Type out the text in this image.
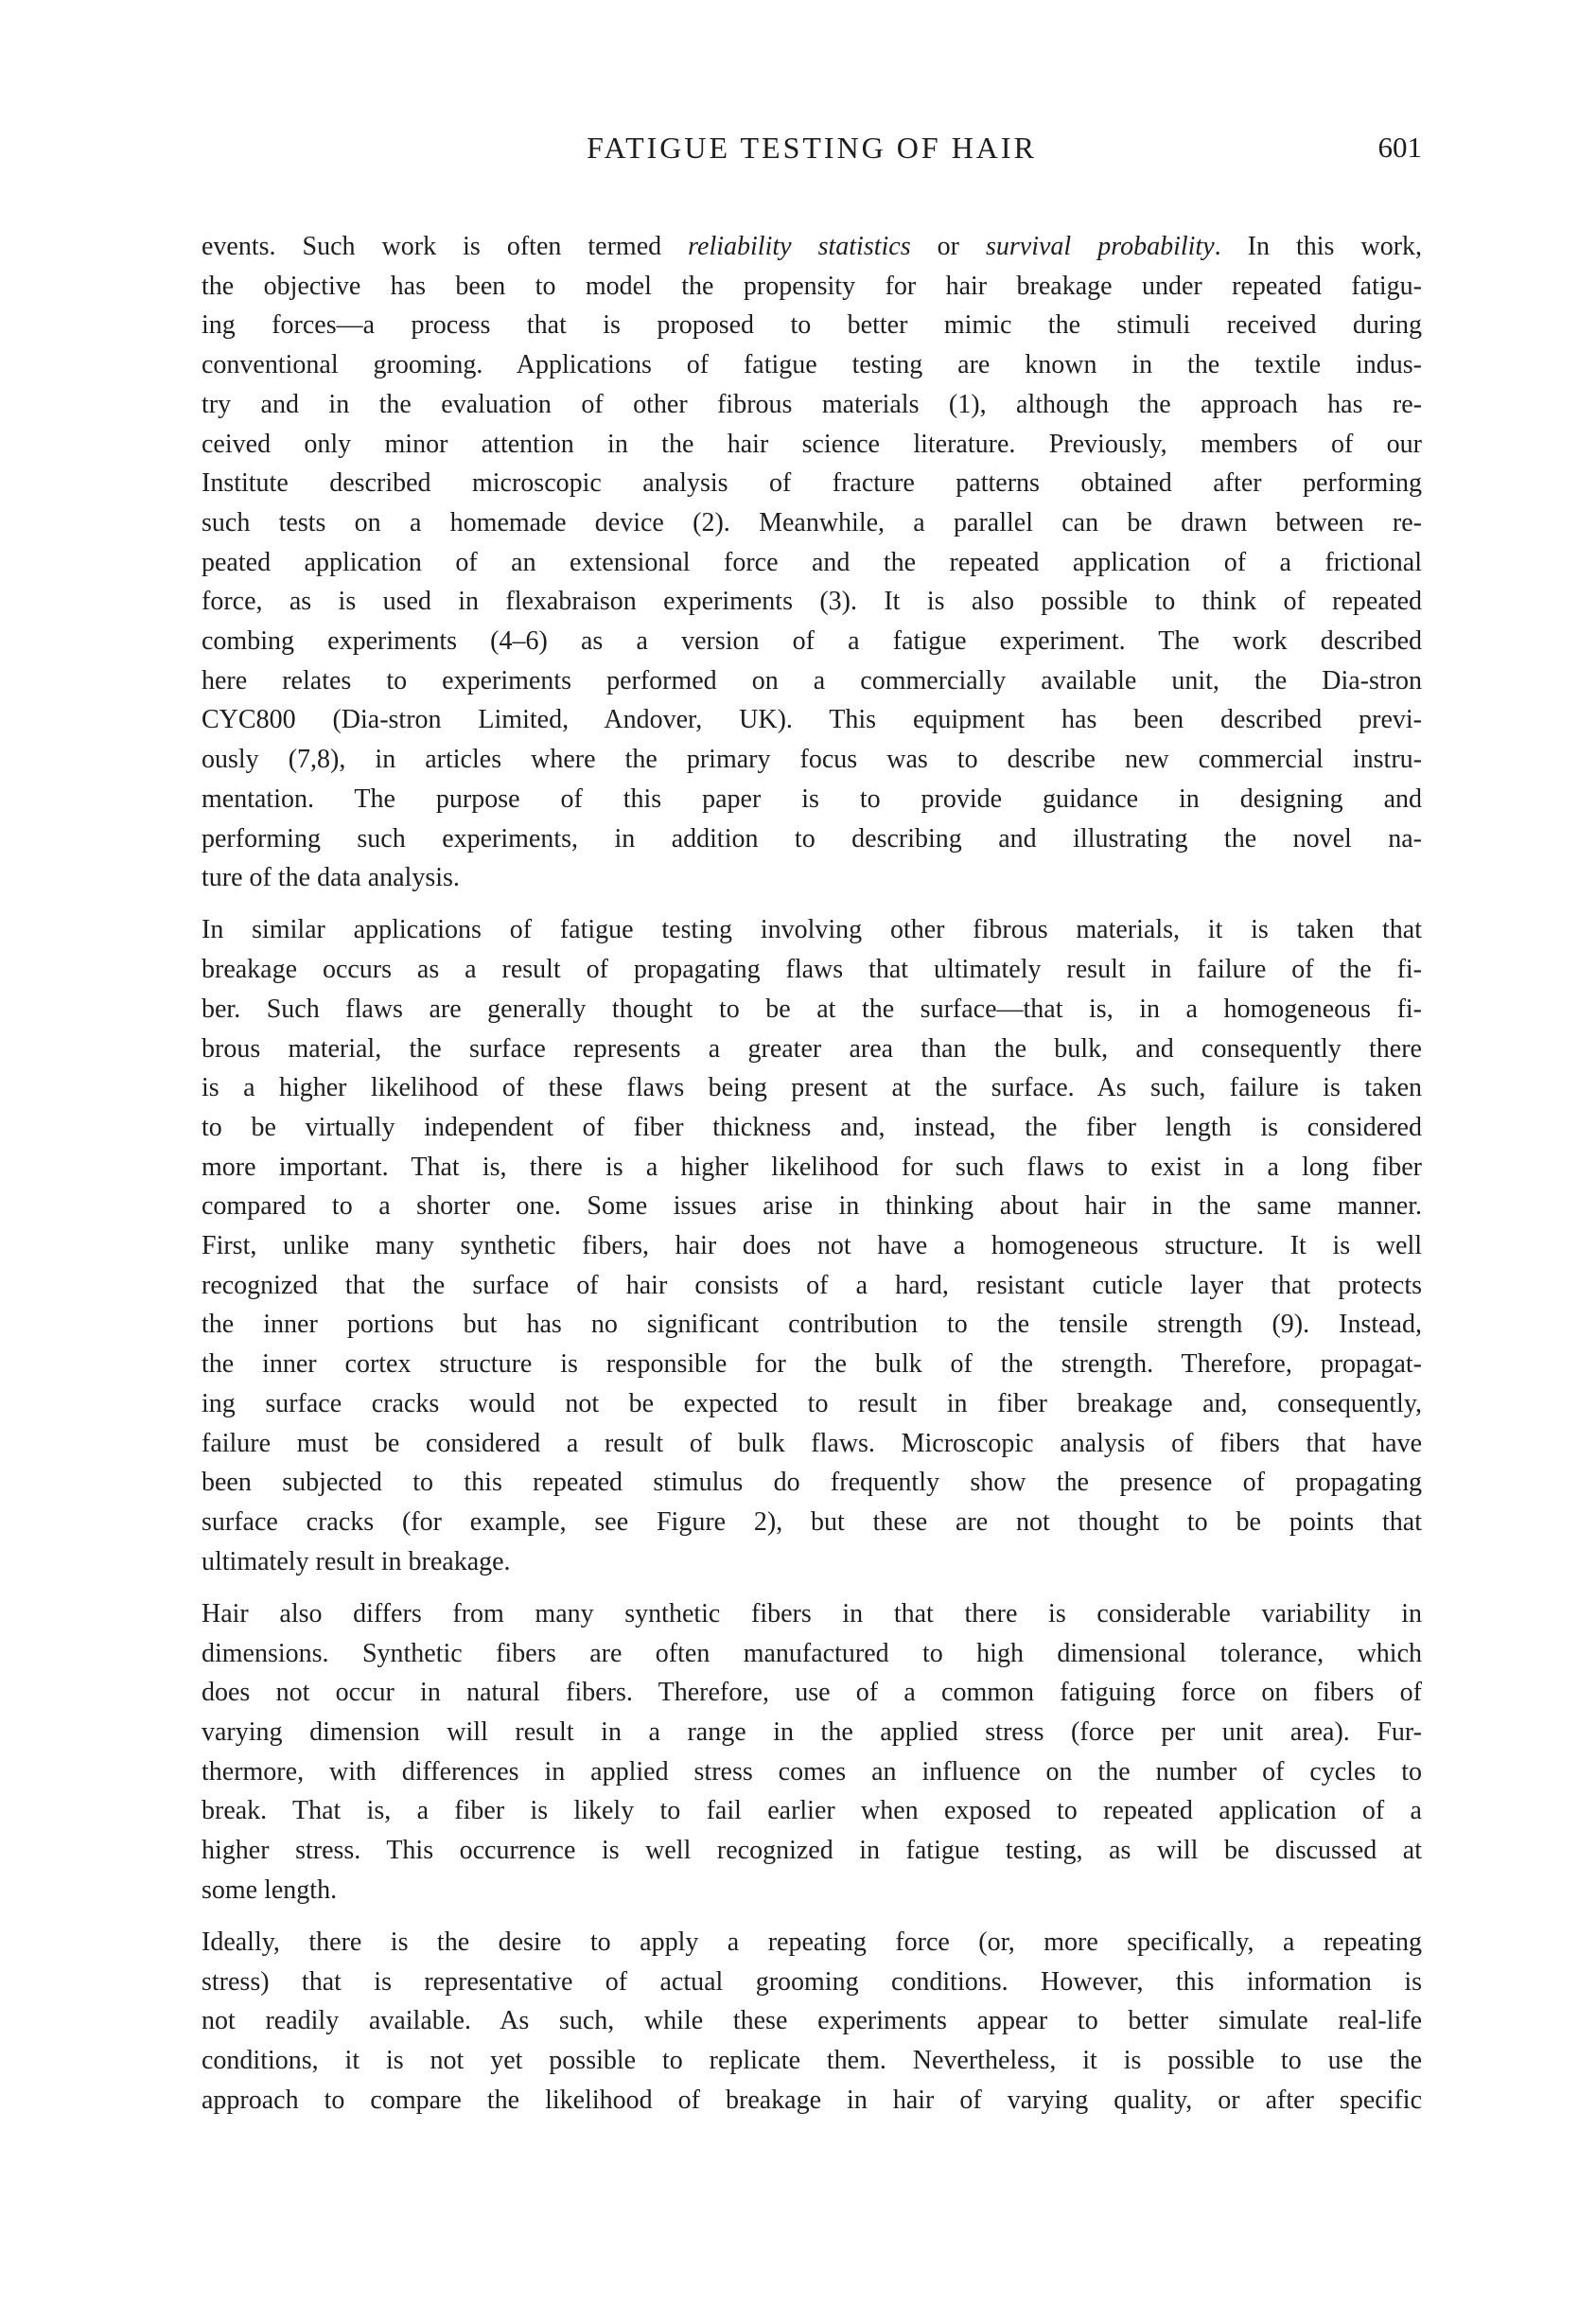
FATIGUE TESTING OF HAIR	601
events. Such work is often termed reliability statistics or survival probability. In this work,
the objective has been to model the propensity for hair breakage under repeated fatigu-
ing forces—a process that is proposed to better mimic the stimuli received during
conventional grooming. Applications of fatigue testing are known in the textile indus-
try and in the evaluation of other fibrous materials (1), although the approach has re-
ceived only minor attention in the hair science literature. Previously, members of our
Institute described microscopic analysis of fracture patterns obtained after performing
such tests on a homemade device (2). Meanwhile, a parallel can be drawn between re-
peated application of an extensional force and the repeated application of a frictional
force, as is used in flexabraison experiments (3). It is also possible to think of repeated
combing experiments (4–6) as a version of a fatigue experiment. The work described
here relates to experiments performed on a commercially available unit, the Dia-stron
CYC800 (Dia-stron Limited, Andover, UK). This equipment has been described previ-
ously (7,8), in articles where the primary focus was to describe new commercial instru-
mentation. The purpose of this paper is to provide guidance in designing and
performing such experiments, in addition to describing and illustrating the novel na-
ture of the data analysis.
In similar applications of fatigue testing involving other fibrous materials, it is taken that
breakage occurs as a result of propagating flaws that ultimately result in failure of the fi-
ber. Such flaws are generally thought to be at the surface—that is, in a homogeneous fi-
brous material, the surface represents a greater area than the bulk, and consequently there
is a higher likelihood of these flaws being present at the surface. As such, failure is taken
to be virtually independent of fiber thickness and, instead, the fiber length is considered
more important. That is, there is a higher likelihood for such flaws to exist in a long fiber
compared to a shorter one. Some issues arise in thinking about hair in the same manner.
First, unlike many synthetic fibers, hair does not have a homogeneous structure. It is well
recognized that the surface of hair consists of a hard, resistant cuticle layer that protects
the inner portions but has no significant contribution to the tensile strength (9). Instead,
the inner cortex structure is responsible for the bulk of the strength. Therefore, propagat-
ing surface cracks would not be expected to result in fiber breakage and, consequently,
failure must be considered a result of bulk flaws. Microscopic analysis of fibers that have
been subjected to this repeated stimulus do frequently show the presence of propagating
surface cracks (for example, see Figure 2), but these are not thought to be points that
ultimately result in breakage.
Hair also differs from many synthetic fibers in that there is considerable variability in
dimensions. Synthetic fibers are often manufactured to high dimensional tolerance, which
does not occur in natural fibers. Therefore, use of a common fatiguing force on fibers of
varying dimension will result in a range in the applied stress (force per unit area). Fur-
thermore, with differences in applied stress comes an influence on the number of cycles to
break. That is, a fiber is likely to fail earlier when exposed to repeated application of a
higher stress. This occurrence is well recognized in fatigue testing, as will be discussed at
some length.
Ideally, there is the desire to apply a repeating force (or, more specifically, a repeating
stress) that is representative of actual grooming conditions. However, this information is
not readily available. As such, while these experiments appear to better simulate real-life
conditions, it is not yet possible to replicate them. Nevertheless, it is possible to use the
approach to compare the likelihood of breakage in hair of varying quality, or after specific
